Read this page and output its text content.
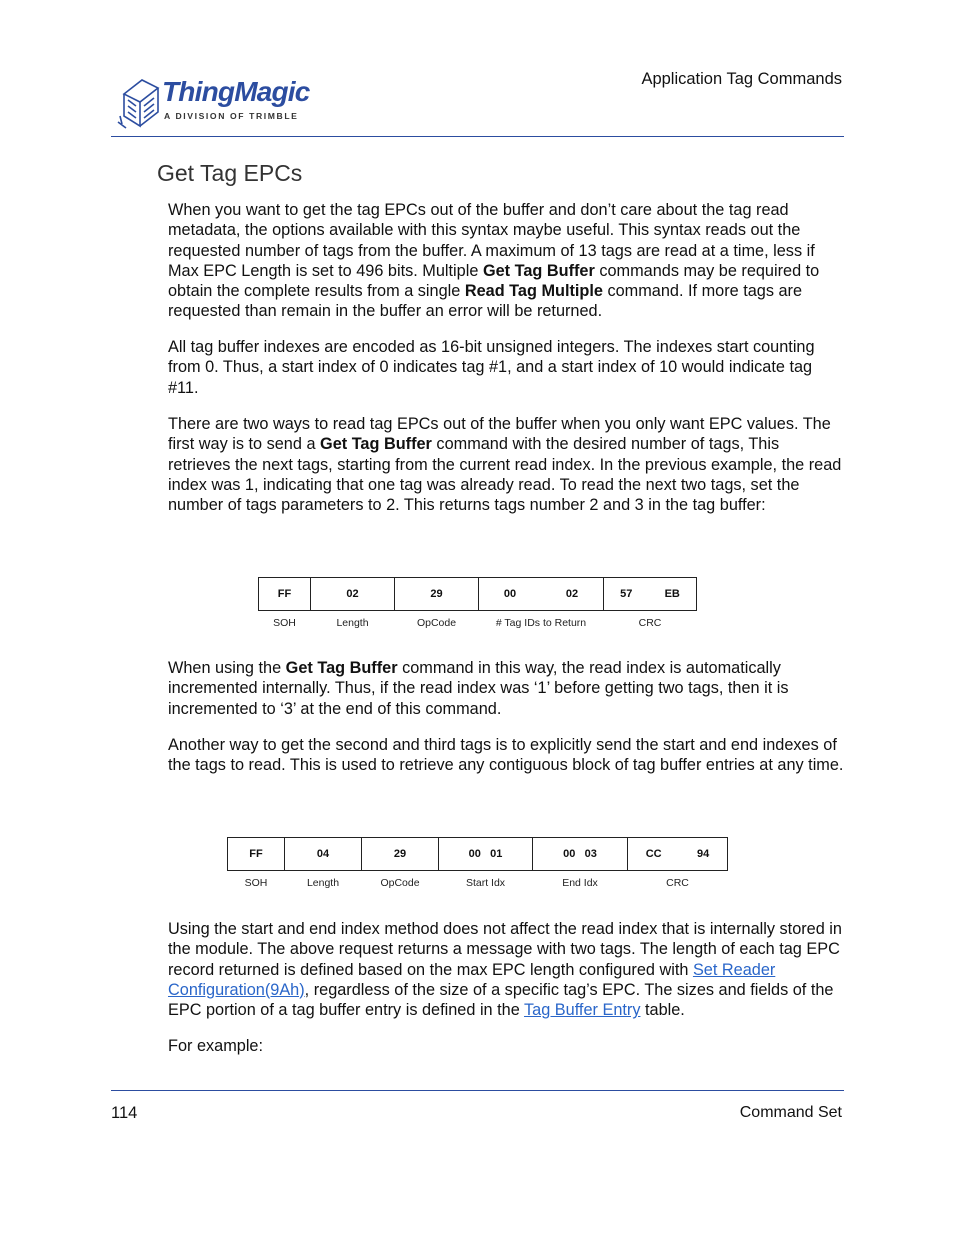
ThingMagic
A DIVISION OF TRIMBLE
Application Tag Commands
Get Tag EPCs

When you want to get the tag EPCs out of the buffer and don’t care about the tag read metadata, the options available with this syntax maybe useful. This syntax reads out the requested number of tags from the buffer. A maximum of 13 tags are read at a time, less if Max EPC Length is set to 496 bits. Multiple Get Tag Buffer commands may be required to obtain the complete results from a single Read Tag Multiple command. If more tags are requested than remain in the buffer an error will be returned.

All tag buffer indexes are encoded as 16-bit unsigned integers. The indexes start counting from 0. Thus, a start index of 0 indicates tag #1, and a start index of 10 would indicate tag #11.

There are two ways to read tag EPCs out of the buffer when you only want EPC values. The first way is to send a Get Tag Buffer command with the desired number of tags, This retrieves the next tags, starting from the current read index. In the previous example, the read index was 1, indicating that one tag was already read. To read the next two tags, set the number of tags parameters to 2. This returns tags number 2 and 3 in the tag buffer:

FF	02	29	00 02	57 EB

SOH	Length	OpCode	# Tag IDs to Return	CRC

When using the Get Tag Buffer command in this way, the read index is automatically incremented internally. Thus, if the read index was ‘1’ before getting two tags, then it is incremented to ‘3’ at the end of this command.

Another way to get the second and third tags is to explicitly send the start and end indexes of the tags to read. This is used to retrieve any contiguous block of tag buffer entries at any time.

FF	04	29	00 01	00 03	CC 94

SOH	Length	OpCode	Start Idx	End Idx	CRC

Using the start and end index method does not affect the read index that is internally stored in the module. The above request returns a message with two tags. The length of each tag EPC record returned is defined based on the max EPC length configured with Set Reader Configuration(9Ah), regardless of the size of a specific tag’s EPC. The sizes and fields of the EPC portion of a tag buffer entry is defined in the Tag Buffer Entry table.

For example:

114	Command Set
